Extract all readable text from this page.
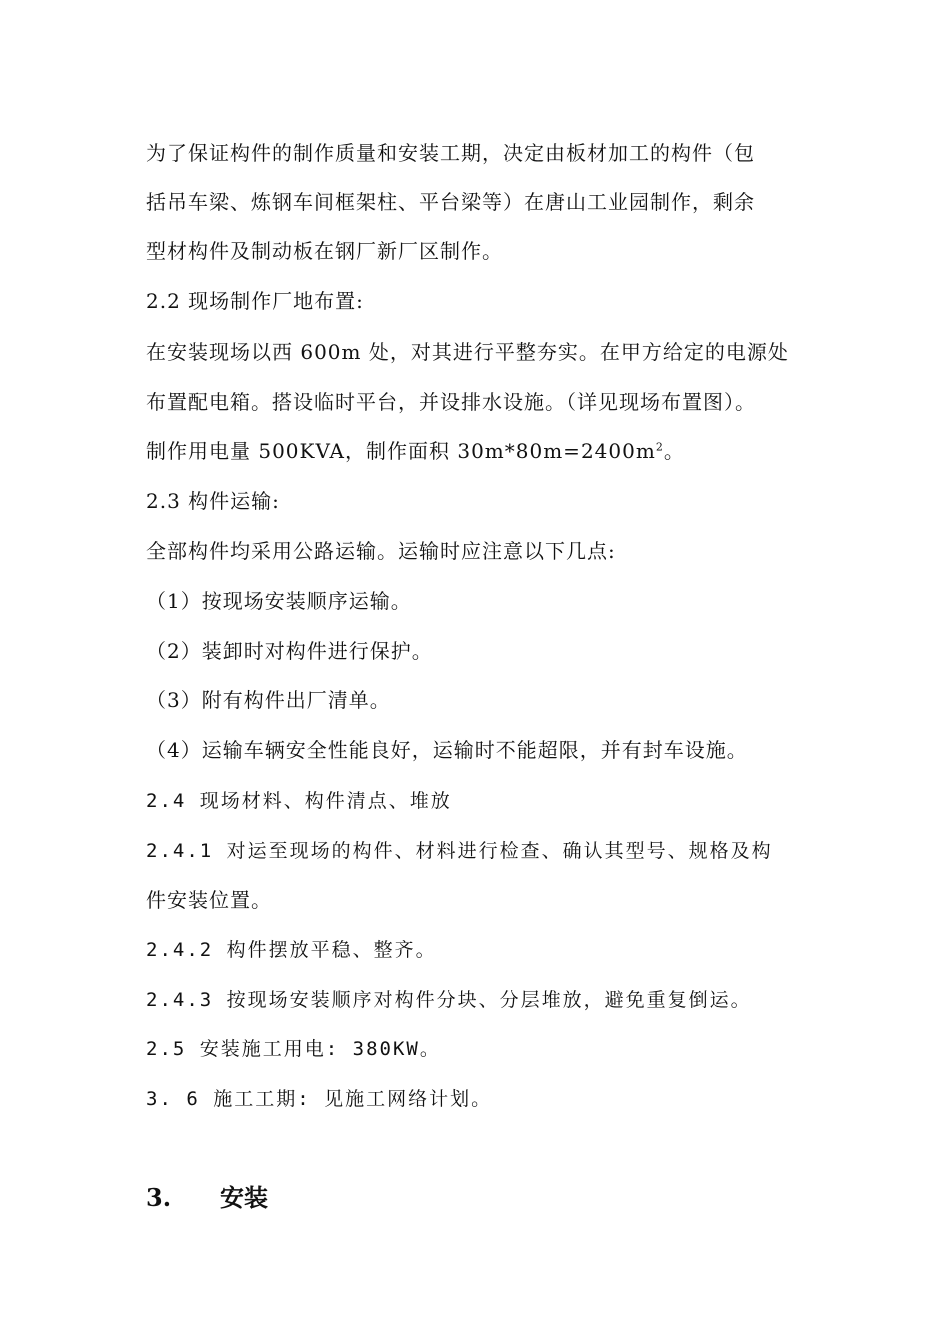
为了保证构件的制作质量和安装工期，决定由板材加工的构件（包
括吊车梁、炼钢车间框架柱、平台梁等）在唐山工业园制作，剩余
型材构件及制动板在钢厂新厂区制作。
2.2 现场制作厂地布置:
在安装现场以西 600m 处，对其进行平整夯实。在甲方给定的电源处
布置配电箱。搭设临时平台，并设排水设施。（详见现场布置图）。
制作用电量 500KVA，制作面积 $30m*80m=2400m^2$。
2.3 构件运输:
全部构件均采用公路运输。运输时应注意以下几点:
（1）按现场安装顺序运输。
（2）装卸时对构件进行保护。
（3）附有构件出厂清单。
（4）运输车辆安全性能良好，运输时不能超限，并有封车设施。
2.4 现场材料、构件清点、堆放
2.4.1 对运至现场的构件、材料进行检查、确认其型号、规格及构
件安装位置。
2.4.2 构件摆放平稳、整齐。
2.4.3 按现场安装顺序对构件分块、分层堆放，避免重复倒运。
2.5 安装施工用电: 380KW。
3. 6 施工工期: 见施工网络计划。
3. 安装
